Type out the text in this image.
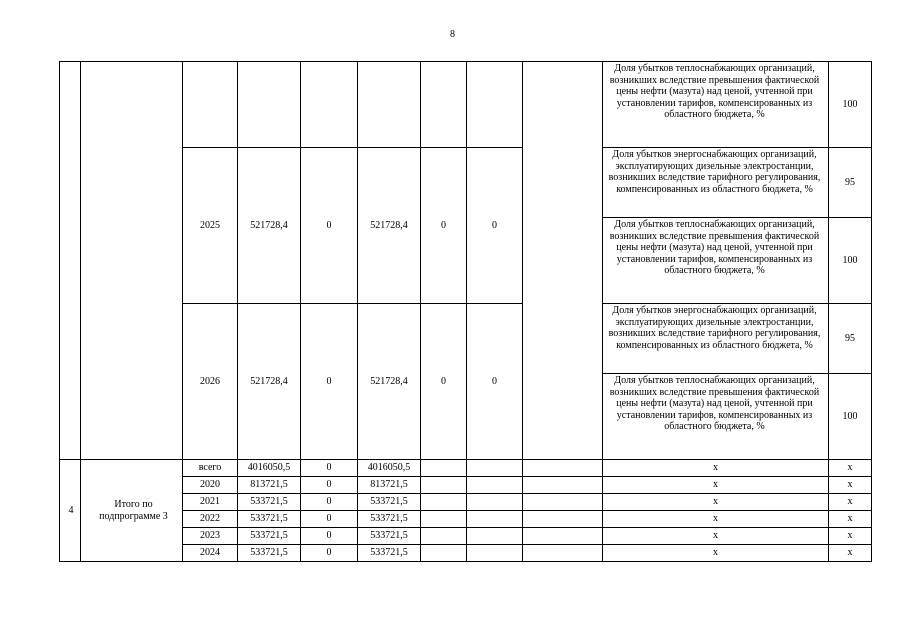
8
									Доля убытков теплоснабжающих организаций, возникших вследствие превышения фактической цены нефти (мазута) над ценой, учтенной при установлении тарифов, компенсированных из областного бюджета, %	100
		2025	521728,4	0	521728,4	0	0		Доля убытков энергоснабжающих организаций, эксплуатирующих дизельные электростанции, возникших вследствие тарифного регулирования, компенсированных из областного бюджета, %	95
									Доля убытков теплоснабжающих организаций, возникших вследствие превышения фактической цены нефти (мазута) над ценой, учтенной при установлении тарифов, компенсированных из областного бюджета, %	100
		2026	521728,4	0	521728,4	0	0		Доля убытков энергоснабжающих организаций, эксплуатирующих дизельные электростанции, возникших вследствие тарифного регулирования, компенсированных из областного бюджета, %	95
									Доля убытков теплоснабжающих организаций, возникших вследствие превышения фактической цены нефти (мазута) над ценой, учтенной при установлении тарифов, компенсированных из областного бюджета, %	100
4	Итого по подпрограмме 3	всего	4016050,5	0	4016050,5				х	х
		2020	813721,5	0	813721,5				х	х
		2021	533721,5	0	533721,5				х	х
		2022	533721,5	0	533721,5				х	х
		2023	533721,5	0	533721,5				х	х
		2024	533721,5	0	533721,5				х	х
